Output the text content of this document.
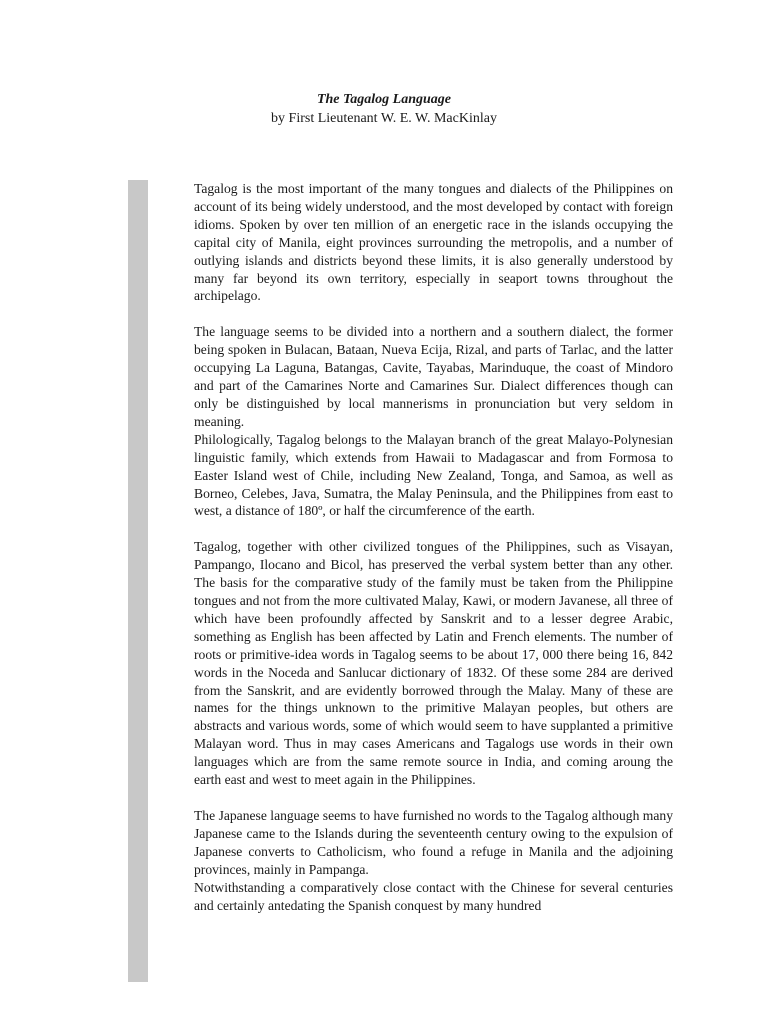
The Tagalog Language
by First Lieutenant W. E. W. MacKinlay

Tagalog is the most important of the many tongues and dialects of the Philippines on account of its being widely understood, and the most developed by contact with foreign idioms. Spoken by over ten million of an energetic race in the islands occupying the capital city of Manila, eight provinces surrounding the metropolis, and a number of outlying islands and districts beyond these limits, it is also generally understood by many far beyond its own territory, especially in seaport towns throughout the archipelago.

The language seems to be divided into a northern and a southern dialect, the former being spoken in Bulacan, Bataan, Nueva Ecija, Rizal, and parts of Tarlac, and the latter occupying La Laguna, Batangas, Cavite, Tayabas, Marinduque, the coast of Mindoro and part of the Camarines Norte and Camarines Sur. Dialect differences though can only be distinguished by local mannerisms in pronunciation but very seldom in meaning.

Philologically, Tagalog belongs to the Malayan branch of the great Malayo-Polynesian linguistic family, which extends from Hawaii to Madagascar and from Formosa to Easter Island west of Chile, including New Zealand, Tonga, and Samoa, as well as Borneo, Celebes, Java, Sumatra, the Malay Peninsula, and the Philippines from east to west, a distance of 180º, or half the circumference of the earth.

Tagalog, together with other civilized tongues of the Philippines, such as Visayan, Pampango, Ilocano and Bicol, has preserved the verbal system better than any other. The basis for the comparative study of the family must be taken from the Philippine tongues and not from the more cultivated Malay, Kawi, or modern Javanese, all three of which have been profoundly affected by Sanskrit and to a lesser degree Arabic, something as English has been affected by Latin and French elements. The number of roots or primitive-idea words in Tagalog seems to be about 17, 000 there being 16, 842 words in the Noceda and Sanlucar dictionary of 1832. Of these some 284 are derived from the Sanskrit, and are evidently borrowed through the Malay. Many of these are names for the things unknown to the primitive Malayan peoples, but others are abstracts and various words, some of which would seem to have supplanted a primitive Malayan word. Thus in may cases Americans and Tagalogs use words in their own languages which are from the same remote source in India, and coming aroung the earth east and west to meet again in the Philippines.

The Japanese language seems to have furnished no words to the Tagalog although many Japanese came to the Islands during the seventeenth century owing to the expulsion of Japanese converts to Catholicism, who found a refuge in Manila and the adjoining provinces, mainly in Pampanga.

Notwithstanding a comparatively close contact with the Chinese for several centuries and certainly antedating the Spanish conquest by many hundred
